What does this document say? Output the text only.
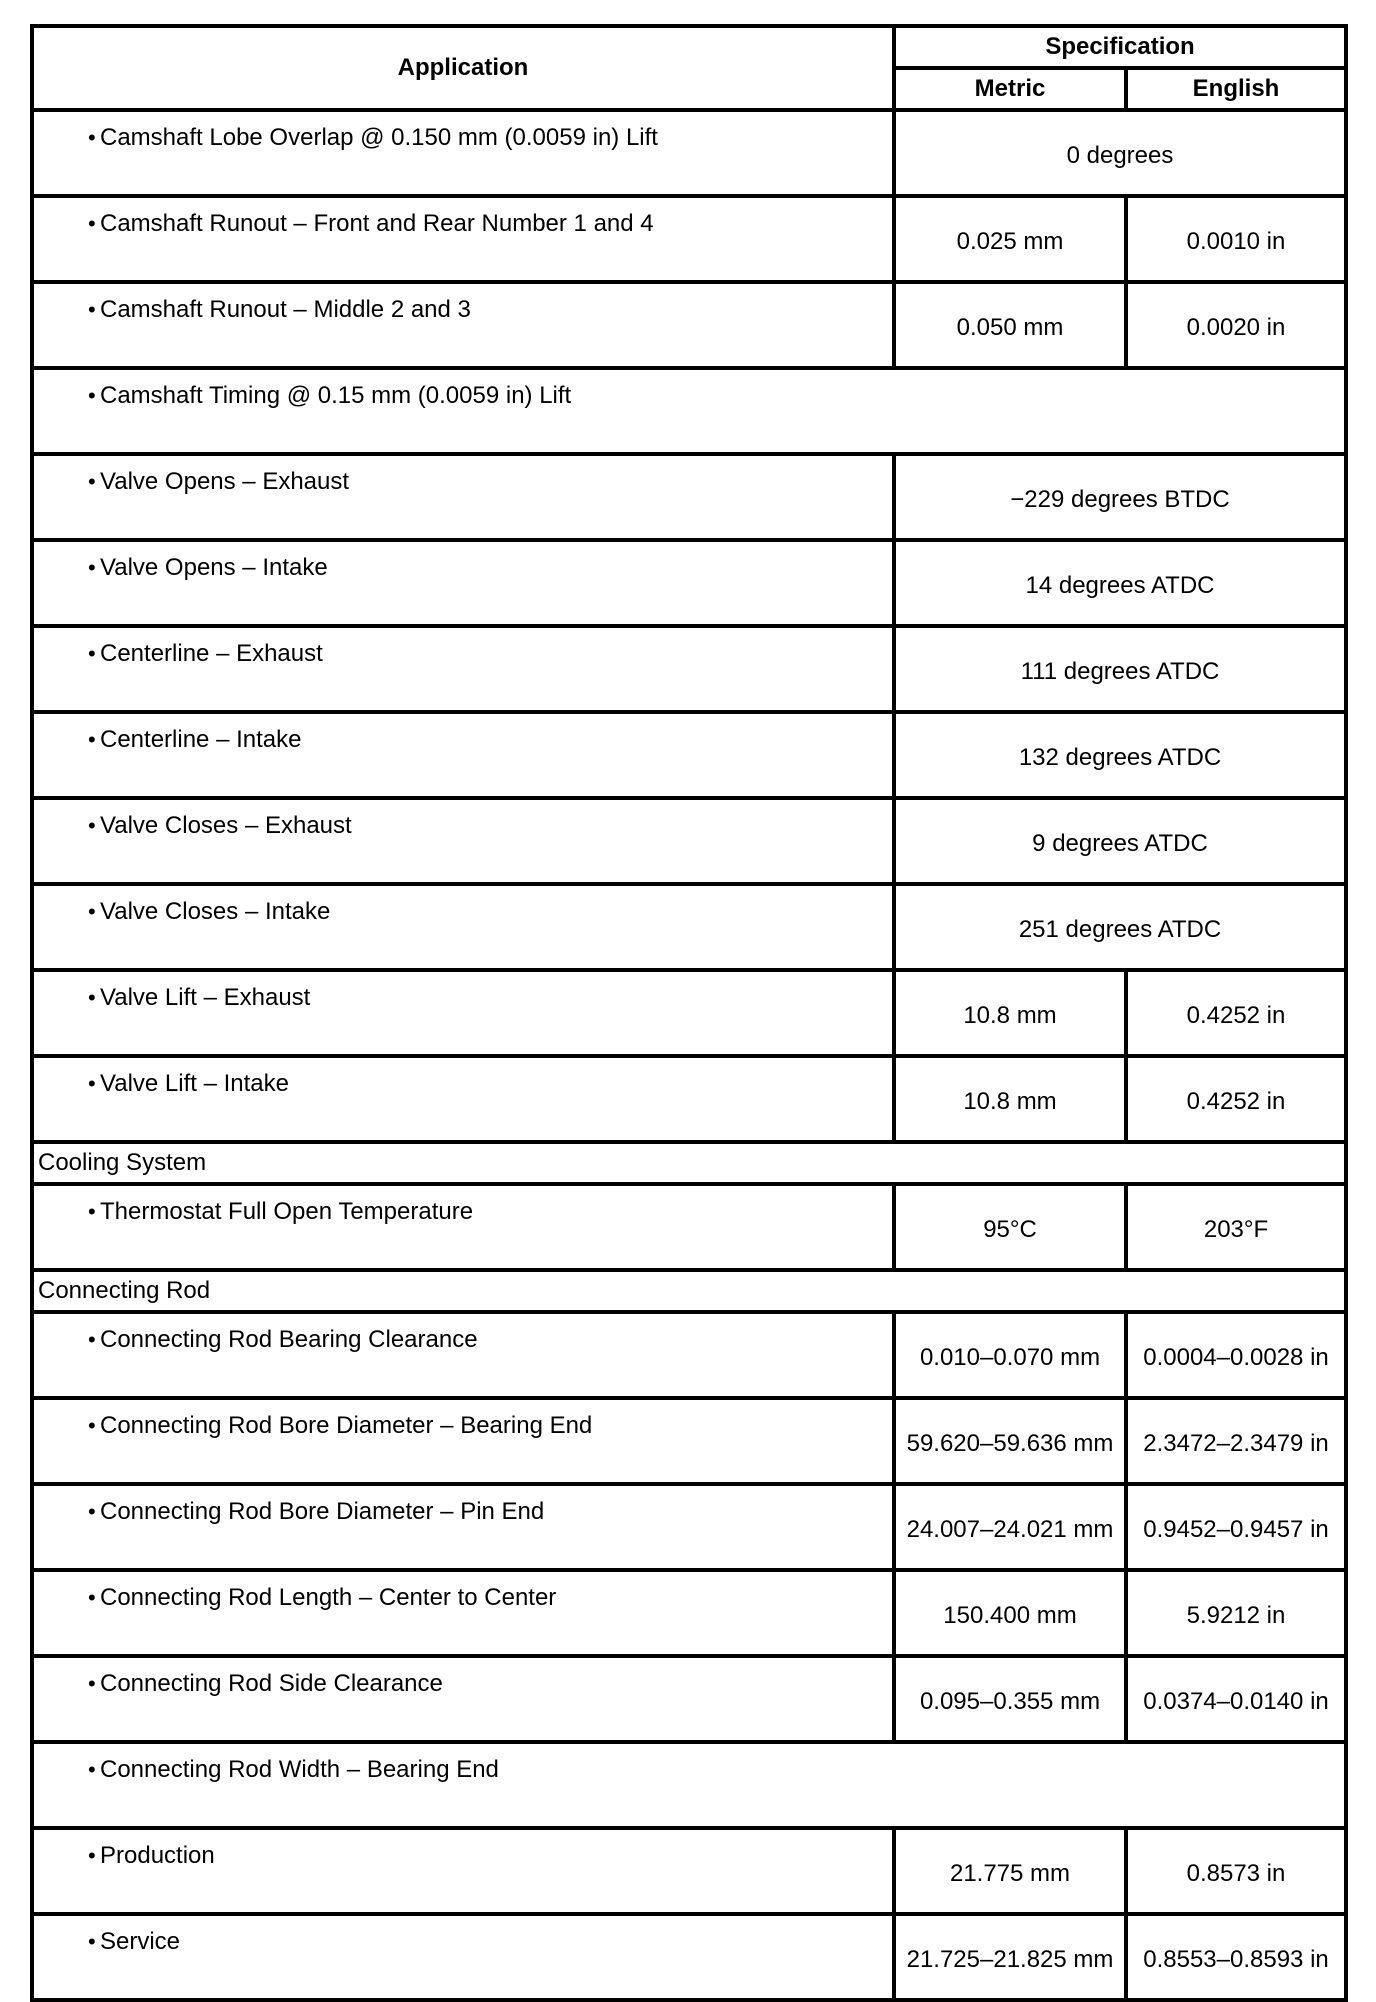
Application	Specification	
	Metric	English

• Camshaft Lobe Overlap @ 0.150 mm (0.0059 in) Lift	0 degrees	

• Camshaft Runout – Front and Rear Number 1 and 4	0.025 mm	0.0010 in

• Camshaft Runout – Middle 2 and 3	0.050 mm	0.0020 in

• Camshaft Timing @ 0.15 mm (0.0059 in) Lift		

• Valve Opens – Exhaust	−229 degrees BTDC	

• Valve Opens – Intake	14 degrees ATDC	

• Centerline – Exhaust	111 degrees ATDC	

• Centerline – Intake	132 degrees ATDC	

• Valve Closes – Exhaust	9 degrees ATDC	

• Valve Closes – Intake	251 degrees ATDC	

• Valve Lift – Exhaust	10.8 mm	0.4252 in

• Valve Lift – Intake	10.8 mm	0.4252 in
Cooling System		

• Thermostat Full Open Temperature	95°C	203°F
Connecting Rod		

• Connecting Rod Bearing Clearance	0.010–0.070 mm	0.0004–0.0028 in

• Connecting Rod Bore Diameter – Bearing End	59.620–59.636 mm	2.3472–2.3479 in

• Connecting Rod Bore Diameter – Pin End	24.007–24.021 mm	0.9452–0.9457 in

• Connecting Rod Length – Center to Center	150.400 mm	5.9212 in

• Connecting Rod Side Clearance	0.095–0.355 mm	0.0374–0.0140 in

• Connecting Rod Width – Bearing End		

• Production	21.775 mm	0.8573 in

• Service	21.725–21.825 mm	0.8553–0.8593 in
